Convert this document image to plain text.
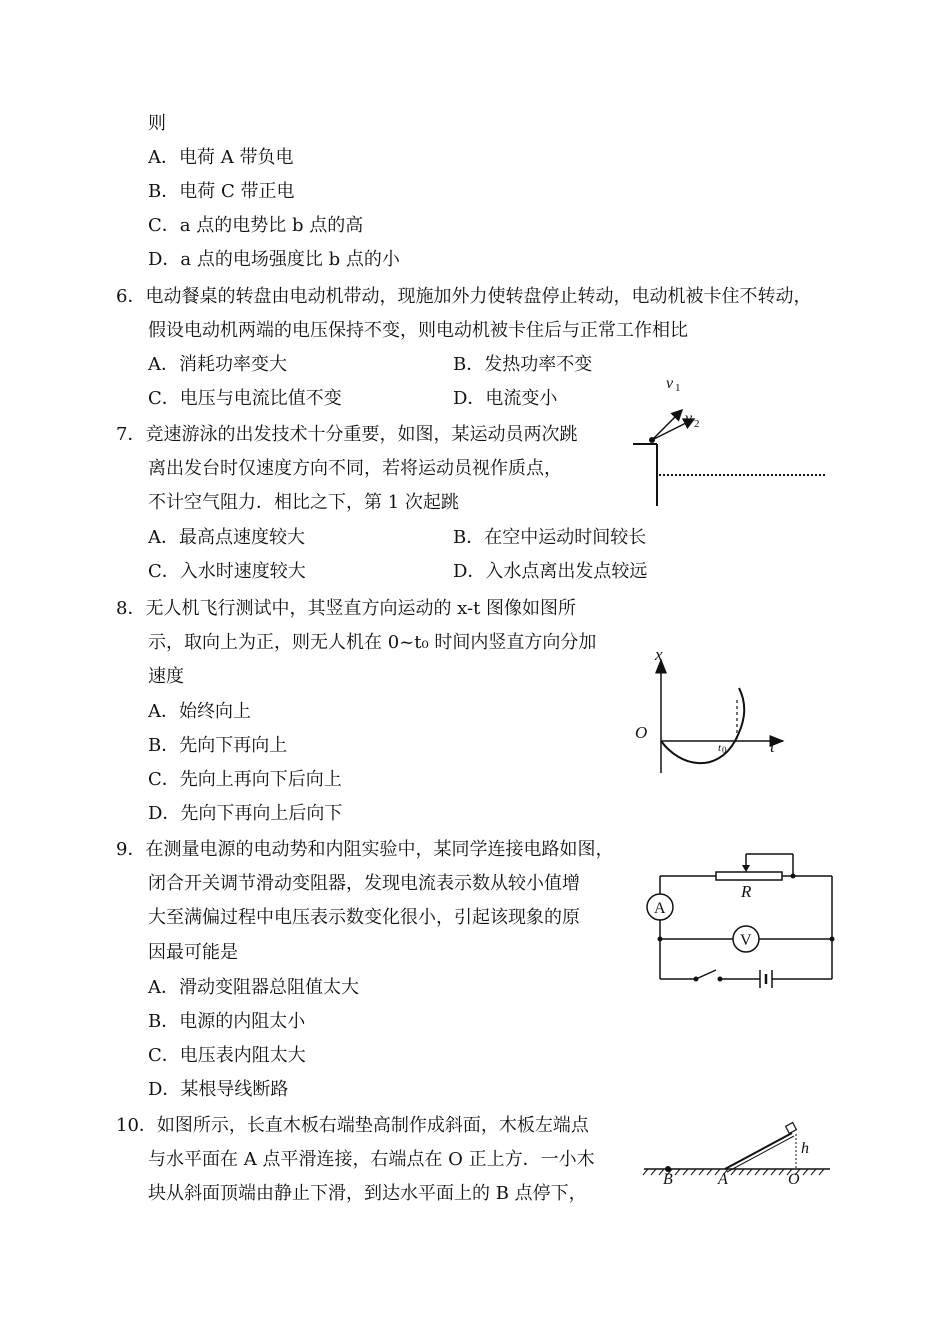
则
A．电荷 A 带负电
B．电荷 C 带正电
C．a 点的电势比 b 点的高
D．a 点的电场强度比 b 点的小
6．电动餐桌的转盘由电动机带动，现施加外力使转盘停止转动，电动机被卡住不转动，
假设电动机两端的电压保持不变，则电动机被卡住后与正常工作相比
A．消耗功率变大	B．发热功率不变
C．电压与电流比值不变	D．电流变小
7．竞速游泳的出发技术十分重要，如图，某运动员两次跳
离出发台时仅速度方向不同，若将运动员视作质点，
不计空气阻力．相比之下，第 1 次起跳
A．最高点速度较大	B．在空中运动时间较长
C．入水时速度较大	D．入水点离出发点较远
v 1
v 2
8．无人机飞行测试中，其竖直方向运动的 x-t 图像如图所
示，取向上为正，则无人机在 0~t₀ 时间内竖直方向分加
速度
A．始终向上
B．先向下再向上
C．先向上再向下后向上
D．先向下再向上后向下
x
t
O
t 0
9．在测量电源的电动势和内阻实验中，某同学连接电路如图，
闭合开关调节滑动变阻器，发现电流表示数从较小值增
大至满偏过程中电压表示数变化很小，引起该现象的原
因最可能是
A．滑动变阻器总阻值太大
B．电源的内阻太小
C．电压表内阻太大
D．某根导线断路
R
A
V
10．如图所示，长直木板右端垫高制作成斜面，木板左端点
与水平面在 A 点平滑连接，右端点在 O 正上方．一小木
块从斜面顶端由静止下滑，到达水平面上的 B 点停下，
B	A	O
h
